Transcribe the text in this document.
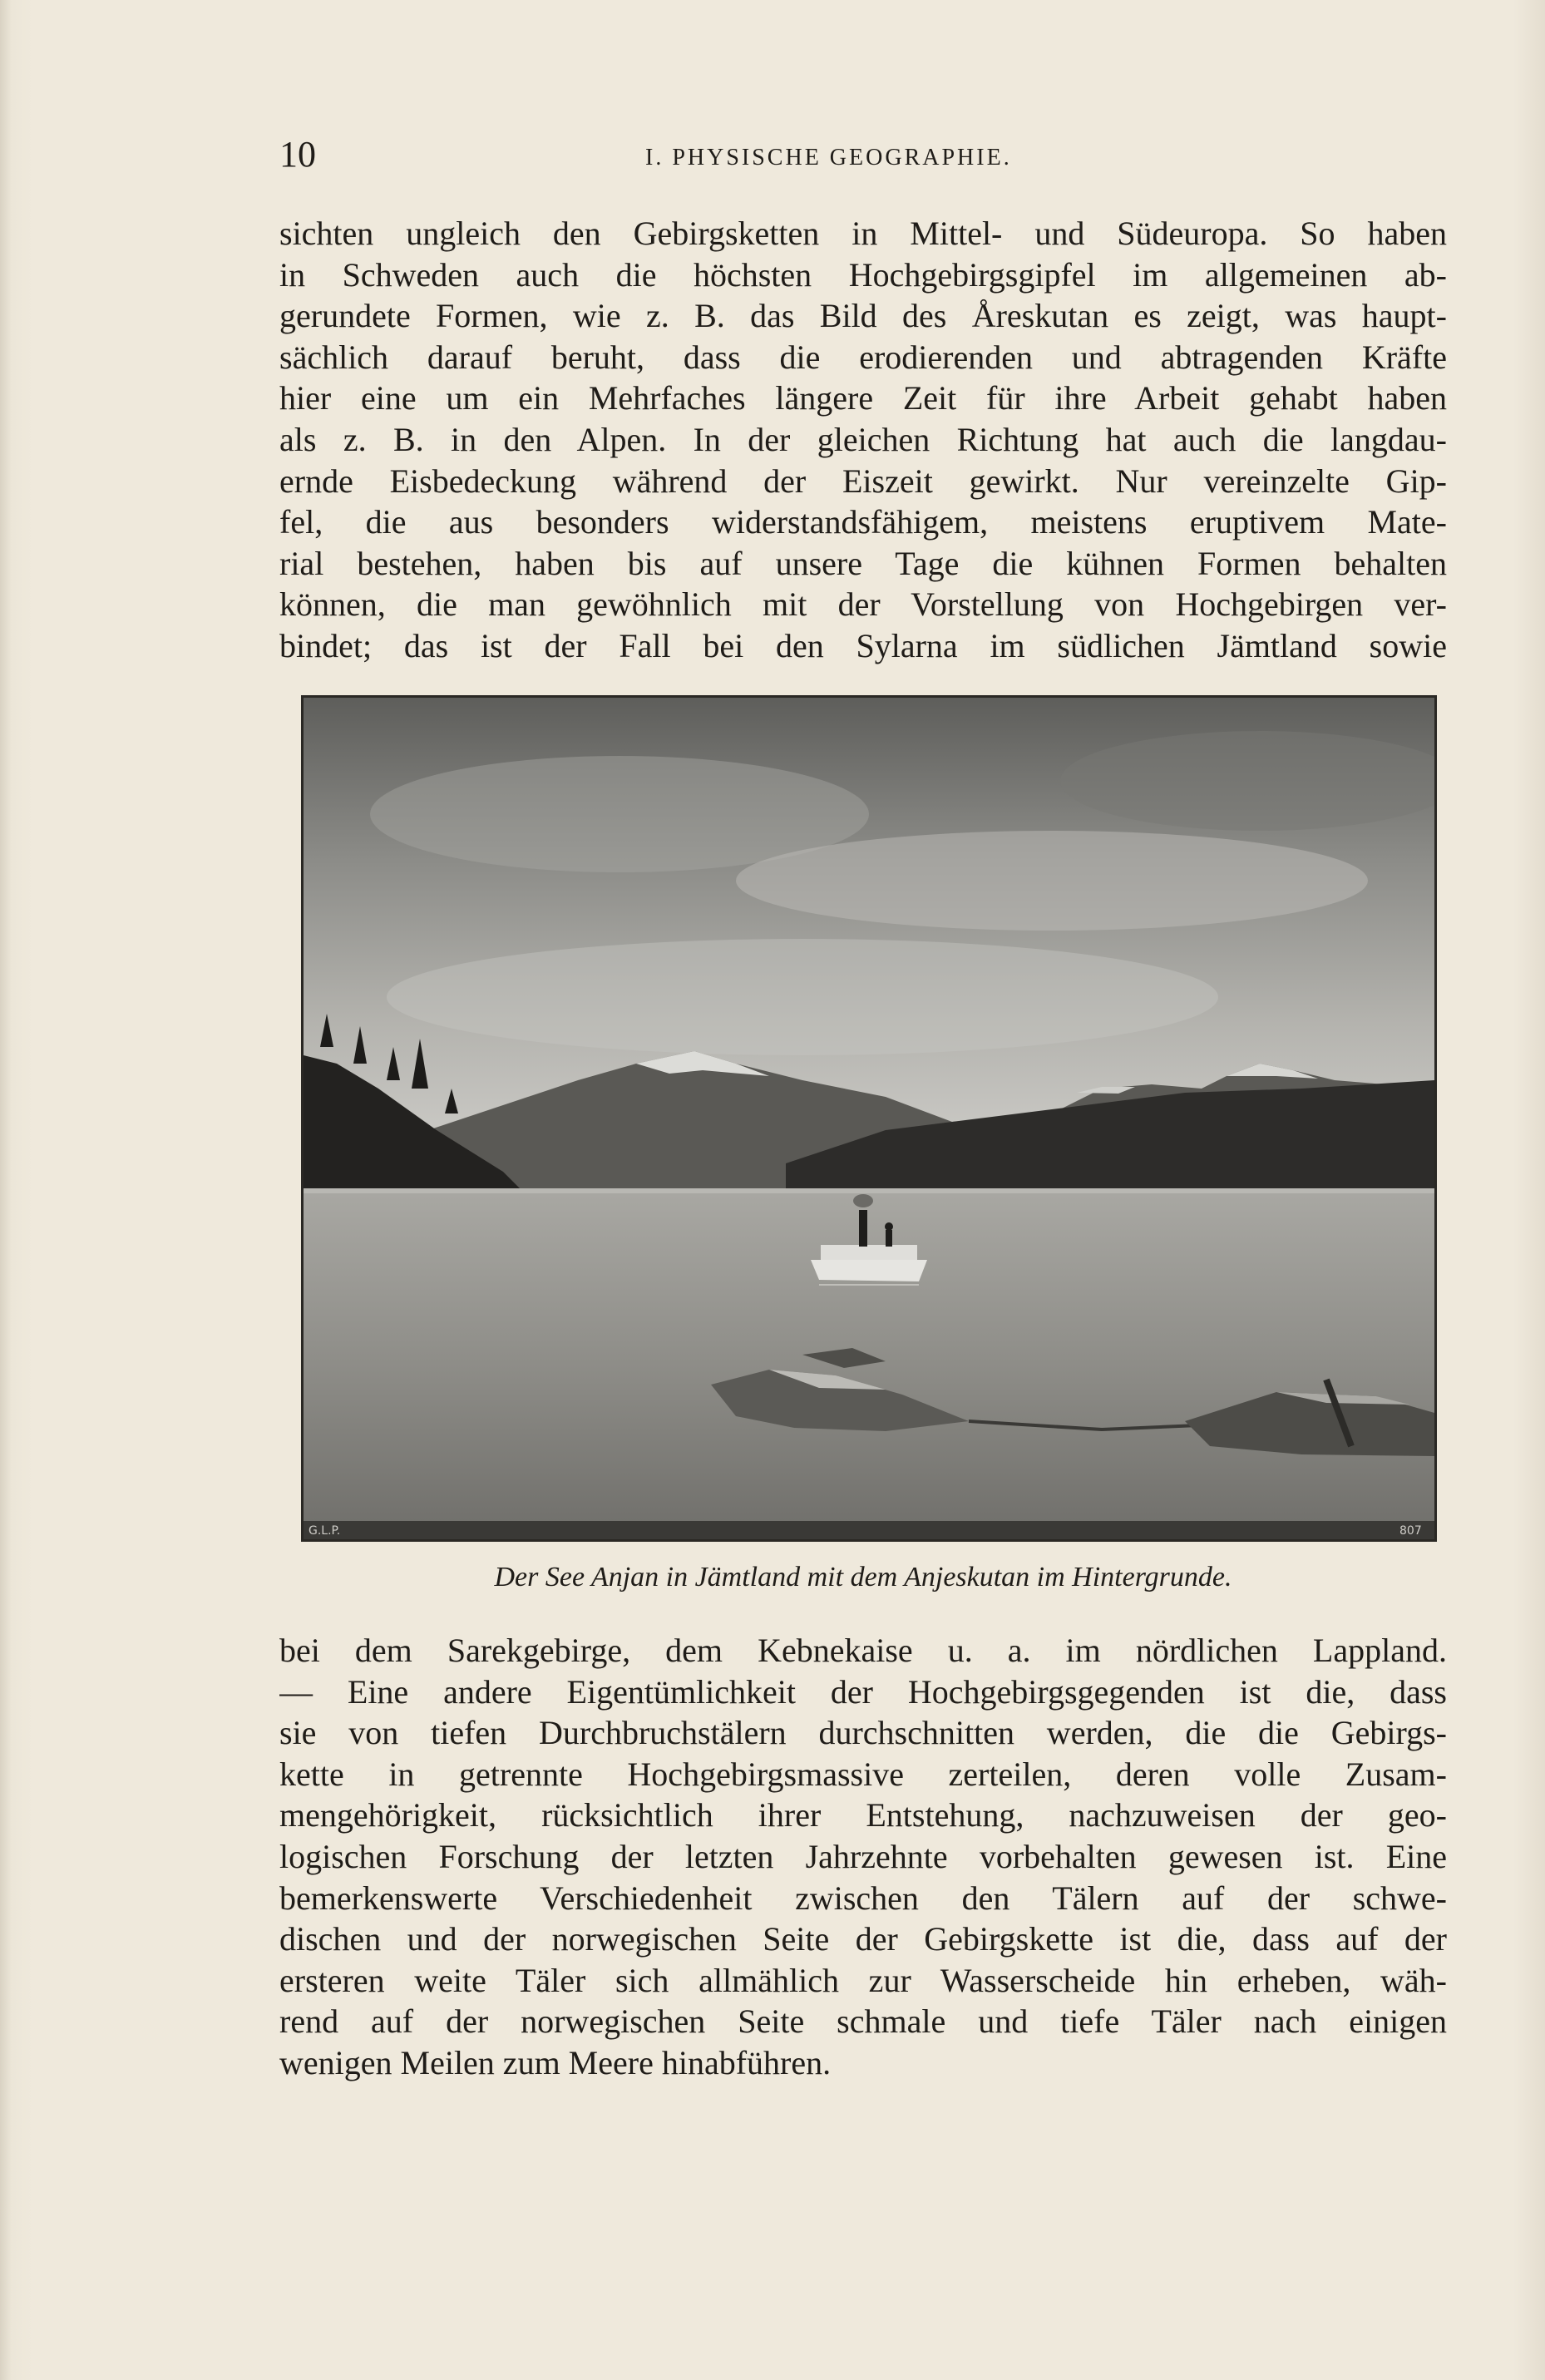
10	I. PHYSISCHE GEOGRAPHIE.
sichten ungleich den Gebirgsketten in Mittel- und Südeuropa. So haben
in Schweden auch die höchsten Hochgebirgsgipfel im allgemeinen ab-
gerundete Formen, wie z. B. das Bild des Åreskutan es zeigt, was haupt-
sächlich darauf beruht, dass die erodierenden und abtragenden Kräfte
hier eine um ein Mehrfaches längere Zeit für ihre Arbeit gehabt haben
als z. B. in den Alpen. In der gleichen Richtung hat auch die langdau-
ernde Eisbedeckung während der Eiszeit gewirkt. Nur vereinzelte Gip-
fel, die aus besonders widerstandsfähigem, meistens eruptivem Mate-
rial bestehen, haben bis auf unsere Tage die kühnen Formen behalten
können, die man gewöhnlich mit der Vorstellung von Hochgebirgen ver-
bindet; das ist der Fall bei den Sylarna im südlichen Jämtland sowie
G.L.P.	807
Der See Anjan in Jämtland mit dem Anjeskutan im Hintergrunde.
bei dem Sarekgebirge, dem Kebnekaise u. a. im nördlichen Lappland.
— Eine andere Eigentümlichkeit der Hochgebirgsgegenden ist die, dass
sie von tiefen Durchbruchstälern durchschnitten werden, die die Gebirgs-
kette in getrennte Hochgebirgsmassive zerteilen, deren volle Zusam-
mengehörigkeit, rücksichtlich ihrer Entstehung, nachzuweisen der geo-
logischen Forschung der letzten Jahrzehnte vorbehalten gewesen ist. Eine
bemerkenswerte Verschiedenheit zwischen den Tälern auf der schwe-
dischen und der norwegischen Seite der Gebirgskette ist die, dass auf der
ersteren weite Täler sich allmählich zur Wasserscheide hin erheben, wäh-
rend auf der norwegischen Seite schmale und tiefe Täler nach einigen
wenigen Meilen zum Meere hinabführen.
